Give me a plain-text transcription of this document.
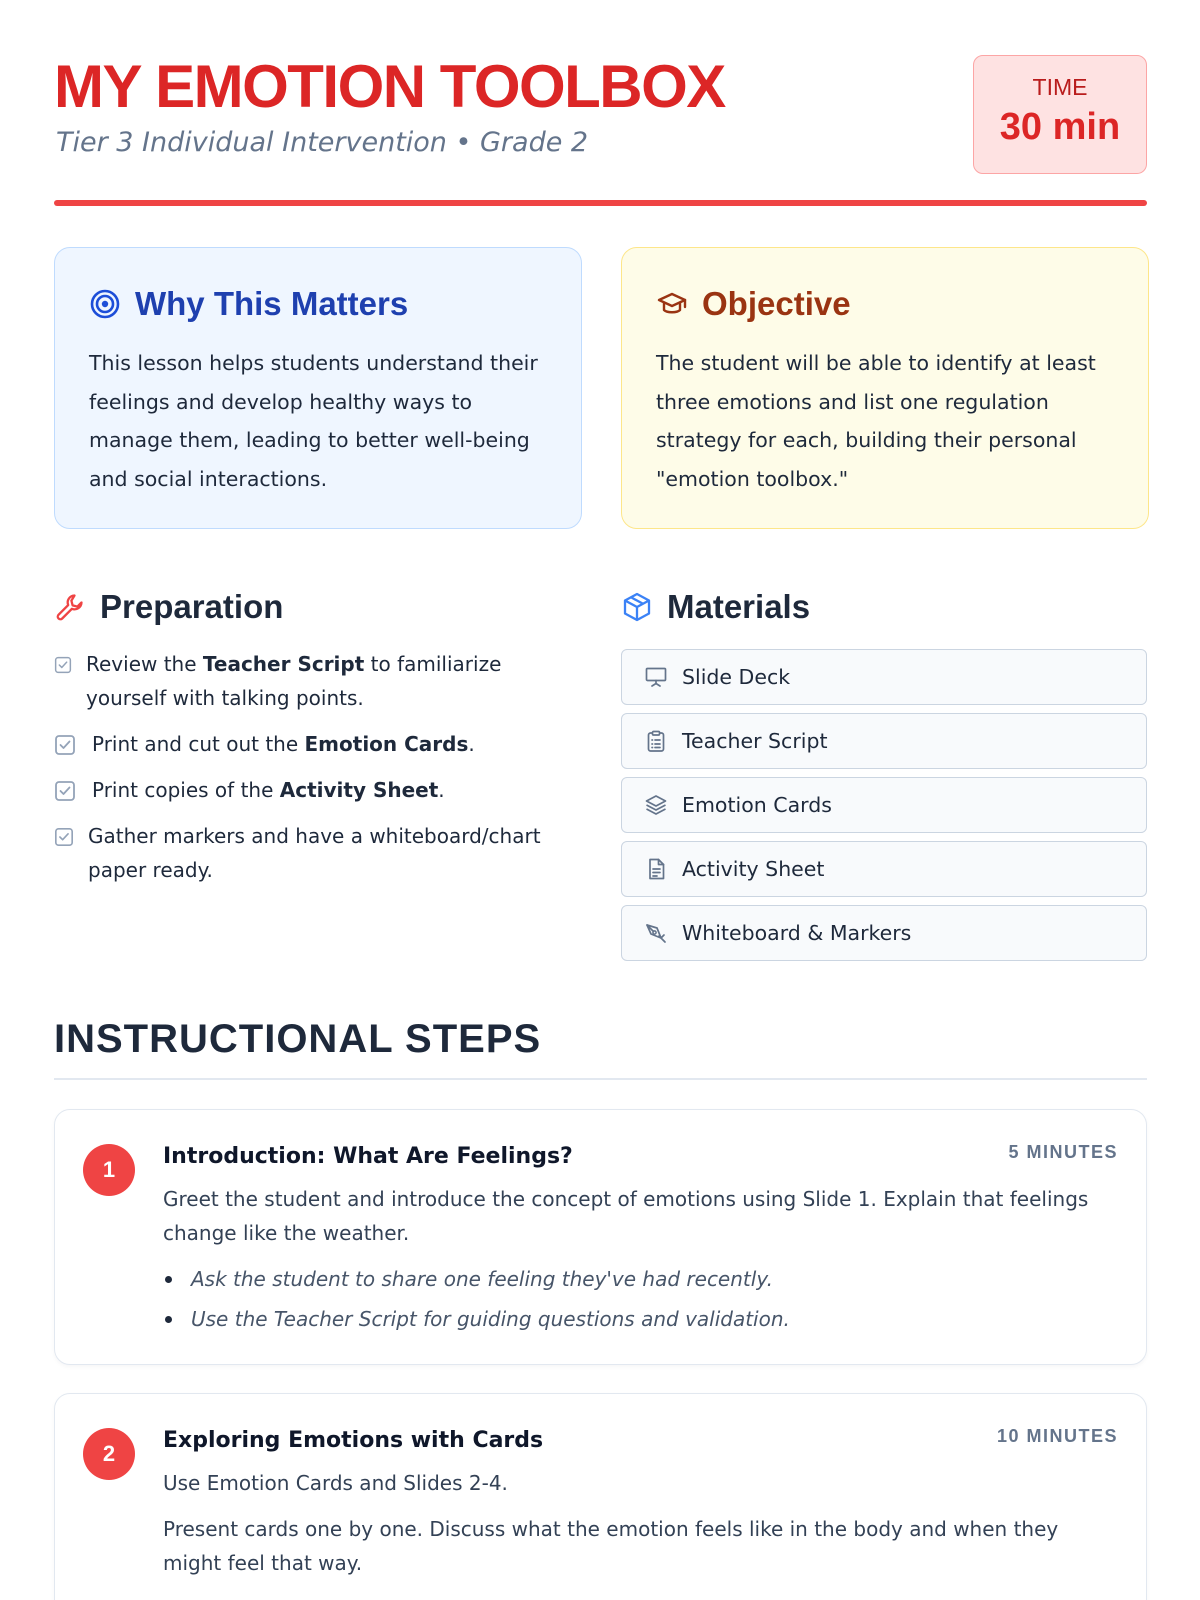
MY EMOTION TOOLBOX
Tier 3 Individual Intervention • Grade 2
TIME
30 min
Why This Matters

This lesson helps students understand their feelings and develop healthy ways to manage them, leading to better well-being and social interactions.

Objective

The student will be able to identify at least three emotions and list one regulation strategy for each, building their personal "emotion toolbox."

Preparation
Review the Teacher Script to familiarize yourself with talking points.
Print and cut out the Emotion Cards.
Print copies of the Activity Sheet.
Gather markers and have a whiteboard/chart paper ready.
Materials
Slide Deck
Teacher Script
Emotion Cards
Activity Sheet
Whiteboard & Markers
INSTRUCTIONAL STEPS
1
Introduction: What Are Feelings?	5 MINUTES

Greet the student and introduce the concept of emotions using Slide 1. Explain that feelings change like the weather.

Ask the student to share one feeling they've had recently.
Use the Teacher Script for guiding questions and validation.
2
Exploring Emotions with Cards	10 MINUTES

Use Emotion Cards and Slides 2-4.

Present cards one by one. Discuss what the emotion feels like in the body and when they might feel that way.
